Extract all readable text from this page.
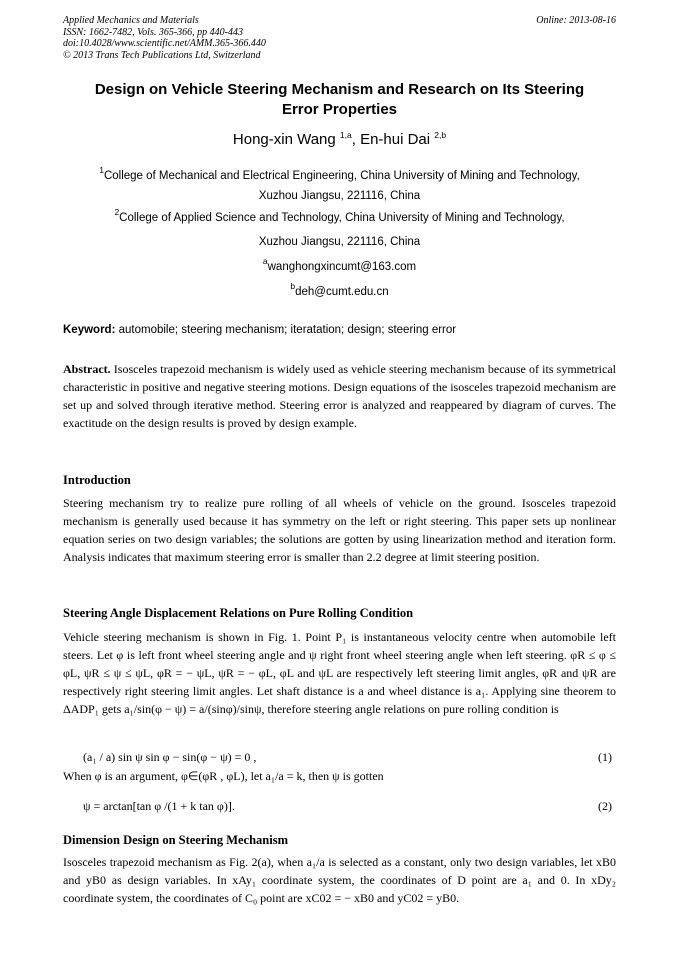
Applied Mechanics and Materials
ISSN: 1662-7482, Vols. 365-366, pp 440-443
doi:10.4028/www.scientific.net/AMM.365-366.440
© 2013 Trans Tech Publications Ltd, Switzerland
Online: 2013-08-16
Design on Vehicle Steering Mechanism and Research on Its Steering
Error Properties
Hong-xin Wang $^{1,a}$, En-hui Dai $^{2,b}$
$^1$College of Mechanical and Electrical Engineering, China University of Mining and Technology,
Xuzhou Jiangsu, 221116, China
$^2$College of Applied Science and Technology, China University of Mining and Technology,
Xuzhou Jiangsu, 221116, China
$^a$wanghongxincumt@163.com
$^b$deh@cumt.edu.cn
Keyword: automobile; steering mechanism; iteratation; design; steering error
Abstract. Isosceles trapezoid mechanism is widely used as vehicle steering mechanism because of its symmetrical characteristic in positive and negative steering motions. Design equations of the isosceles trapezoid mechanism are set up and solved through iterative method. Steering error is analyzed and reappeared by diagram of curves. The exactitude on the design results is proved by design example.
Introduction
Steering mechanism try to realize pure rolling of all wheels of vehicle on the ground. Isosceles trapezoid mechanism is generally used because it has symmetry on the left or right steering. This paper sets up nonlinear equation series on two design variables; the solutions are gotten by using linearization method and iteration form. Analysis indicates that maximum steering error is smaller than 2.2 degree at limit steering position.
Steering Angle Displacement Relations on Pure Rolling Condition
Vehicle steering mechanism is shown in Fig. 1. Point P₁ is instantaneous velocity centre when automobile left steers. Let φ is left front wheel steering angle and ψ right front wheel steering angle when left steering. φR ≤ φ ≤ φL, ψR ≤ ψ ≤ ψL, φR = − ψL, ψR = − φL, φL and ψL are respectively left steering limit angles, φR and ψR are respectively right steering limit angles. Let shaft distance is a and wheel distance is a₁. Applying sine theorem to ΔADP₁ gets a₁/sin(φ − ψ) = a/(sinφ)/sinψ, therefore steering angle relations on pure rolling condition is
(a₁ / a) sin ψ sin φ − sin(φ − ψ) = 0 ,	(1)
When φ is an argument, φ∈(φR , φL), let a₁/a = k, then ψ is gotten
ψ = arctan[tan φ /(1 + k tan φ)].	(2)
Dimension Design on Steering Mechanism
Isosceles trapezoid mechanism as Fig. 2(a), when a₁/a is selected as a constant, only two design variables, let xB0 and yB0 as design variables. In xAy₁ coordinate system, the coordinates of D point are a₁ and 0. In xDy₂ coordinate system, the coordinates of C₀ point are xC02 = − xB0 and yC02 = yB0.
